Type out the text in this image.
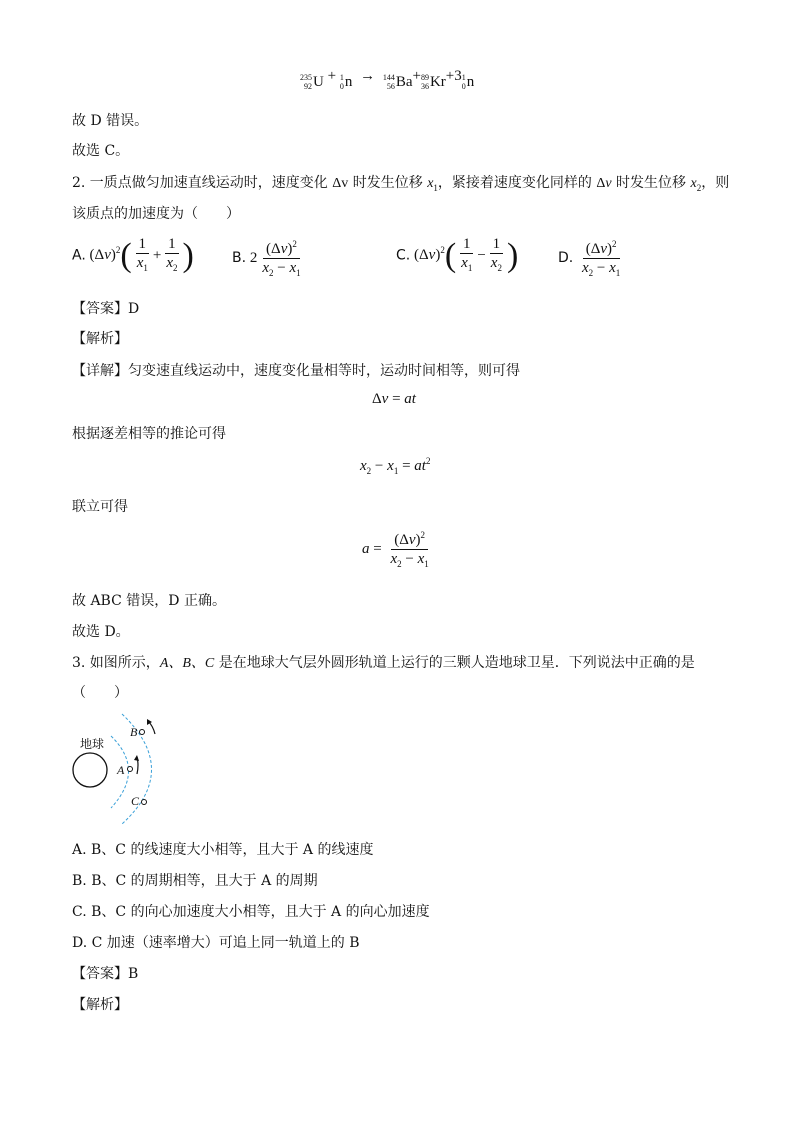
235
92 U + 1
0 n → 144
56 Ba + 89
36 Kr +3 1
0 n
故 D 错误。
故选 C。
2. 一质点做匀加速直线运动时，速度变化 Δv 时发生位移 $x_1$，紧接着速度变化同样的 Δv 时发生位移 $x_2$，则
该质点的加速度为（　　）
A. $(\Delta v)^2( \frac{1}{x_1} + \frac{1}{x_2}$ )	B. $2 \frac{(\Delta v)^2}{x_2 - x_1}$	C. $(\Delta v)^2( \frac{1}{x_1} - \frac{1}{x_2}$ )	D. $\frac{(\Delta v)^2}{x_2 - x_1}$
【答案】D
【解析】
【详解】匀变速直线运动中，速度变化量相等时，运动时间相等，则可得
Δv = at
根据逐差相等的推论可得
$x_2 - x_1 = at^2$
联立可得
$a = \frac{(\Delta v)^2}{x_2 - x_1}$
故 ABC 错误，D 正确。
故选 D。
3. 如图所示，A、B、C 是在地球大气层外圆形轨道上运行的三颗人造地球卫星．下列说法中正确的是
（　　）
地球
A
B
C
A. B、C 的线速度大小相等，且大于 A 的线速度
B. B、C 的周期相等，且大于 A 的周期
C. B、C 的向心加速度大小相等，且大于 A 的向心加速度
D. C 加速（速率增大）可追上同一轨道上的 B
【答案】B
【解析】
